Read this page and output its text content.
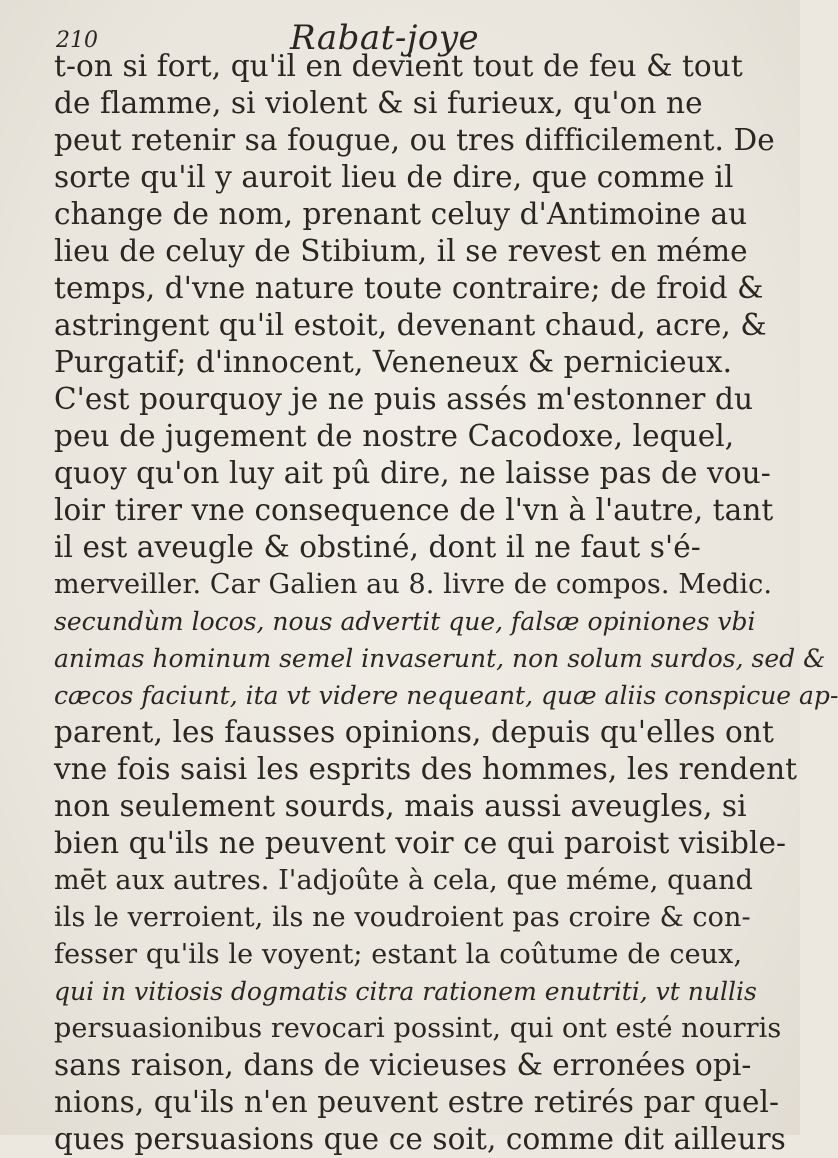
210	Rabat-joye
t-on si fort, qu'il en devient tout de feu & tout
de flamme, si violent & si furieux, qu'on ne
peut retenir sa fougue, ou tres difficilement. De
sorte qu'il y auroit lieu de dire, que comme il
change de nom, prenant celuy d'Antimoine au
lieu de celuy de Stibium, il se revest en méme
temps, d'vne nature toute contraire; de froid &
astringent qu'il estoit, devenant chaud, acre, &
Purgatif; d'innocent, Veneneux & pernicieux.
C'est pourquoy je ne puis assés m'estonner du
peu de jugement de nostre Cacodoxe, lequel,
quoy qu'on luy ait pû dire, ne laisse pas de vou-
loir tirer vne consequence de l'vn à l'autre, tant
il est aveugle & obstiné, dont il ne faut s'é-
merveiller. Car Galien au 8. livre de compos. Medic.
secundùm locos, nous advertit que, falsæ opiniones vbi
animas hominum semel invaserunt, non solum surdos, sed &
cæcos faciunt, ita vt videre nequeant, quæ aliis conspicue ap-
parent, les fausses opinions, depuis qu'elles ont
vne fois saisi les esprits des hommes, les rendent
non seulement sourds, mais aussi aveugles, si
bien qu'ils ne peuvent voir ce qui paroist visible-
mēt aux autres. I'adjoûte à cela, que méme, quand
ils le verroient, ils ne voudroient pas croire & con-
fesser qu'ils le voyent; estant la coûtume de ceux,
qui in vitiosis dogmatis citra rationem enutriti, vt nullis
persuasionibus revocari possint, qui ont esté nourris
sans raison, dans de vicieuses & erronées opi-
nions, qu'ils n'en peuvent estre retirés par quel-
ques persuasions que ce soit, comme dit ailleurs
